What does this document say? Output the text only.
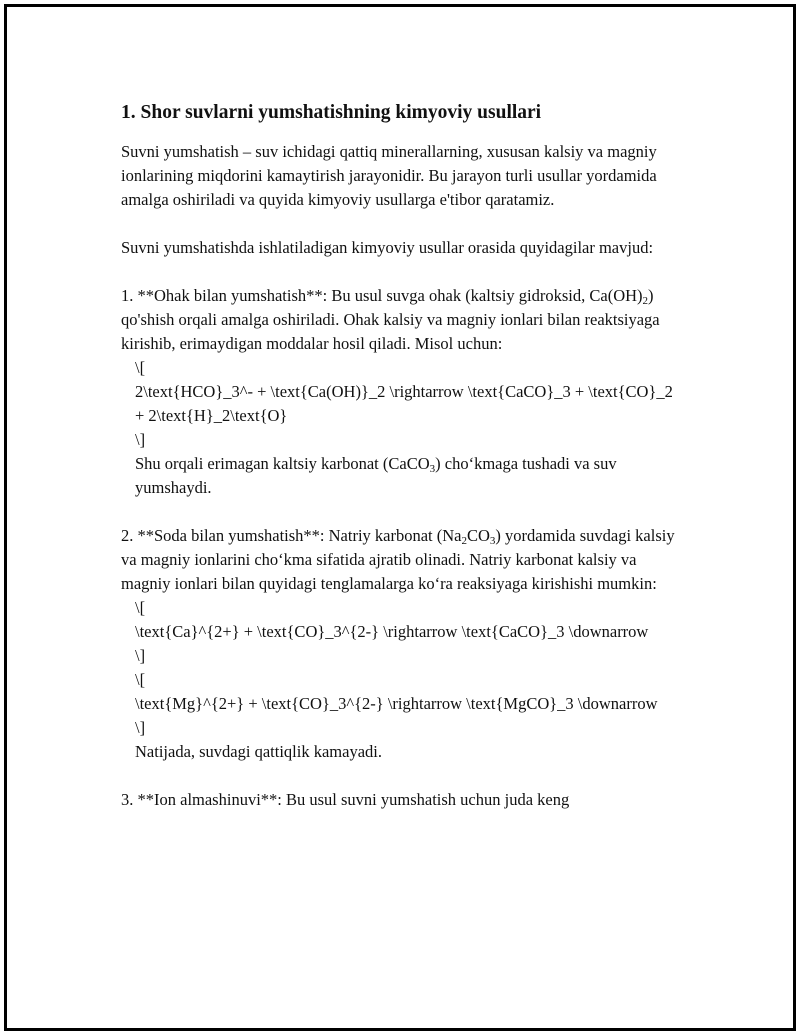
1. Shor suvlarni yumshatishning kimyoviy usullari

Suvni yumshatish – suv ichidagi qattiq minerallarning, xususan kalsiy va magniy ionlarining miqdorini kamaytirish jarayonidir. Bu jarayon turli usullar yordamida amalga oshiriladi va quyida kimyoviy usullarga e'tibor qaratamiz.

Suvni yumshatishda ishlatiladigan kimyoviy usullar orasida quyidagilar mavjud:

1. **Ohak bilan yumshatish**: Bu usul suvga ohak (kaltsiy gidroksid, $Ca(OH)_2$) qo'shish orqali amalga oshiriladi. Ohak kalsiy va magniy ionlari bilan reaktsiyaga kirishib, erimaydigan moddalar hosil qiladi. Misol uchun:

\[

2\text{HCO}_3^- + \text{Ca(OH)}_2 \rightarrow \text{CaCO}_3 + \text{CO}_2 + 2\text{H}_2\text{O}

\]

Shu orqali erimagan kaltsiy karbonat (CaCO$_3$) cho‘kmaga tushadi va suv yumshaydi.

2. **Soda bilan yumshatish**: Natriy karbonat $(Na_2CO_3)$ yordamida suvdagi kalsiy va magniy ionlarini cho‘kma sifatida ajratib olinadi. Natriy karbonat kalsiy va magniy ionlari bilan quyidagi tenglamalarga ko‘ra reaksiyaga kirishishi mumkin:

\[

\text{Ca}^{2+} + \text{CO}_3^{2-} \rightarrow \text{CaCO}_3 \downarrow

\]

\[

\text{Mg}^{2+} + \text{CO}_3^{2-} \rightarrow \text{MgCO}_3 \downarrow

\]

Natijada, suvdagi qattiqlik kamayadi.

3. **Ion almashinuvi**: Bu usul suvni yumshatish uchun juda keng
